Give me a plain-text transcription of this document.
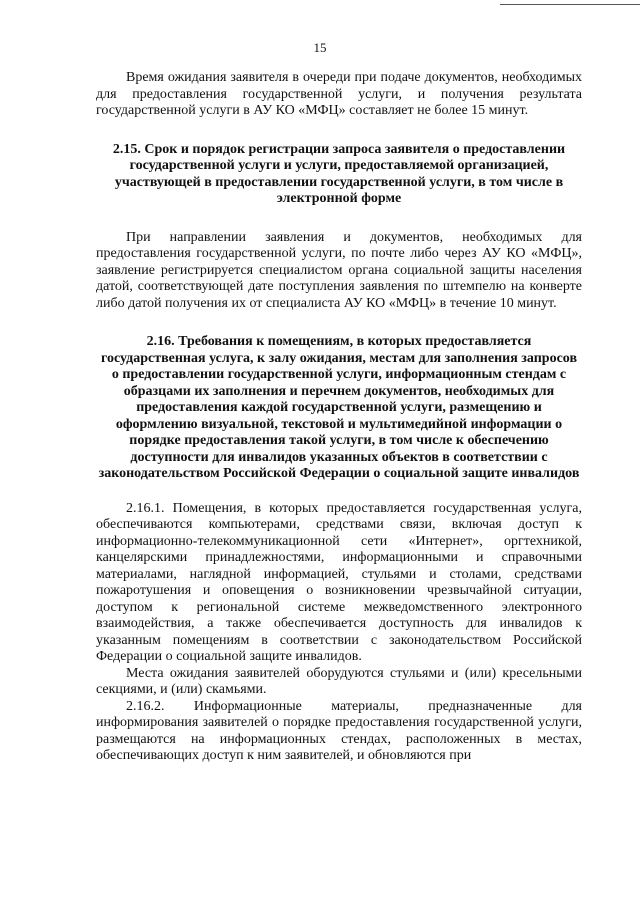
15

Время ожидания заявителя в очереди при подаче документов, необходимых для предоставления государственной услуги, и получения результата государственной услуги в АУ КО «МФЦ» составляет не более 15 минут.

2.15. Срок и порядок регистрации запроса заявителя о предоставлении государственной услуги и услуги, предоставляемой организацией, участвующей в предоставлении государственной услуги, в том числе в электронной форме

При направлении заявления и документов, необходимых для предоставления государственной услуги, по почте либо через АУ КО «МФЦ», заявление регистрируется специалистом органа социальной защиты населения датой, соответствующей дате поступления заявления по штемпелю на конверте либо датой получения их от специалиста АУ КО «МФЦ» в течение 10 минут.

2.16. Требования к помещениям, в которых предоставляется государственная услуга, к залу ожидания, местам для заполнения запросов о предоставлении государственной услуги, информационным стендам с образцами их заполнения и перечнем документов, необходимых для предоставления каждой государственной услуги, размещению и оформлению визуальной, текстовой и мультимедийной информации о порядке предоставления такой услуги, в том числе к обеспечению доступности для инвалидов указанных объектов в соответствии с законодательством Российской Федерации о социальной защите инвалидов

2.16.1. Помещения, в которых предоставляется государственная услуга, обеспечиваются компьютерами, средствами связи, включая доступ к информационно-телекоммуникационной сети «Интернет», оргтехникой, канцелярскими принадлежностями, информационными и справочными материалами, наглядной информацией, стульями и столами, средствами пожаротушения и оповещения о возникновении чрезвычайной ситуации, доступом к региональной системе межведомственного электронного взаимодействия, а также обеспечивается доступность для инвалидов к указанным помещениям в соответствии с законодательством Российской Федерации о социальной защите инвалидов.

Места ожидания заявителей оборудуются стульями и (или) кресельными секциями, и (или) скамьями.

2.16.2. Информационные материалы, предназначенные для информирования заявителей о порядке предоставления государственной услуги, размещаются на информационных стендах, расположенных в местах, обеспечивающих доступ к ним заявителей, и обновляются при
